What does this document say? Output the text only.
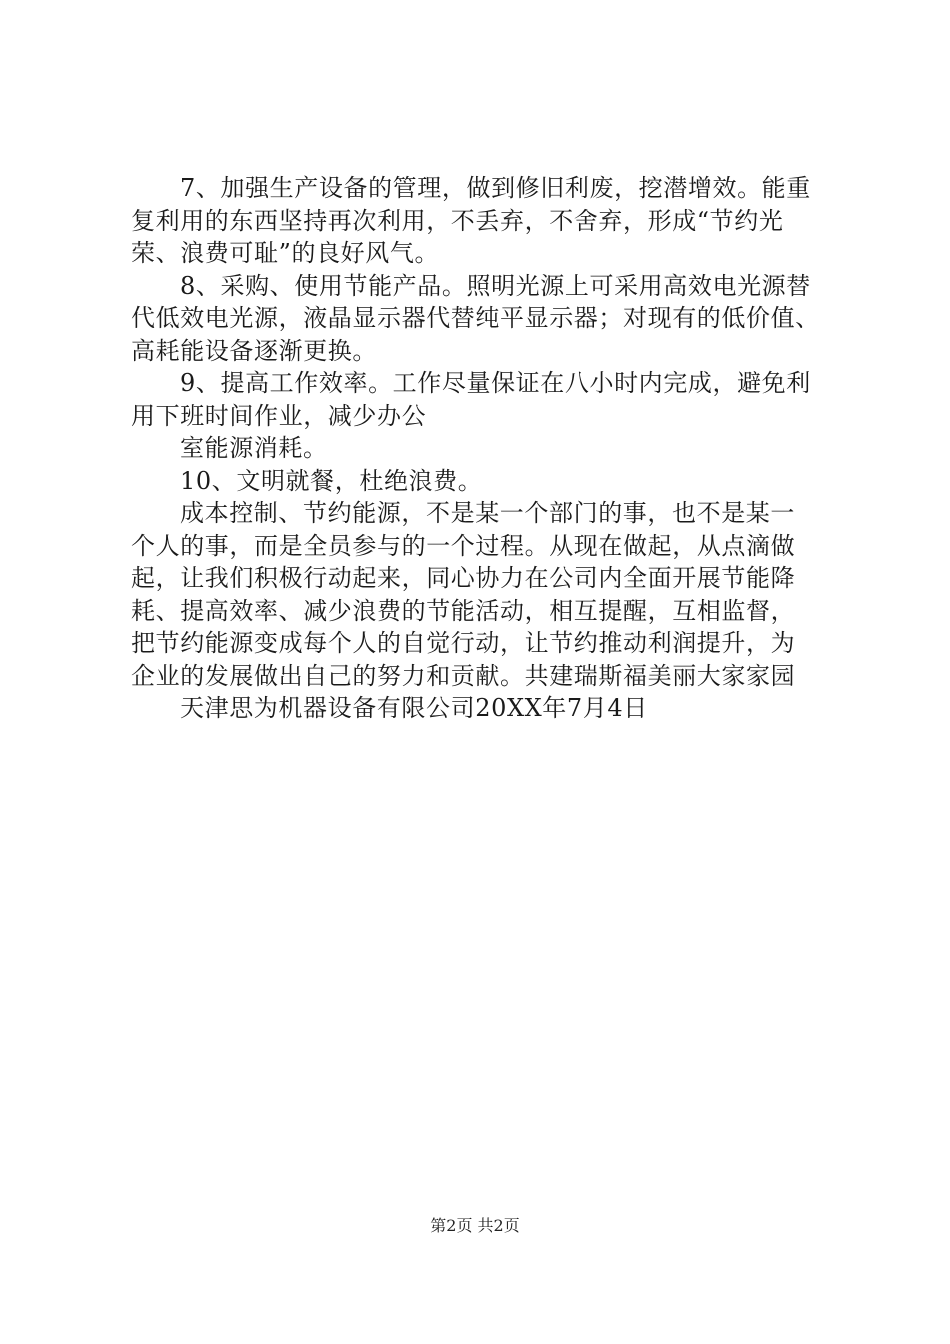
7、加强生产设备的管理，做到修旧利废，挖潜增效。能重
复利用的东西坚持再次利用，不丢弃，不舍弃，形成“节约光
荣、浪费可耻”的良好风气。
8、采购、使用节能产品。照明光源上可采用高效电光源替
代低效电光源，液晶显示器代替纯平显示器；对现有的低价值、
高耗能设备逐渐更换。
9、提高工作效率。工作尽量保证在八小时内完成，避免利
用下班时间作业，减少办公
室能源消耗。
10、文明就餐，杜绝浪费。
成本控制、节约能源，不是某一个部门的事，也不是某一
个人的事，而是全员参与的一个过程。从现在做起，从点滴做
起，让我们积极行动起来，同心协力在公司内全面开展节能降
耗、提高效率、减少浪费的节能活动，相互提醒，互相监督，
把节约能源变成每个人的自觉行动，让节约推动利润提升，为
企业的发展做出自己的努力和贡献。共建瑞斯福美丽大家家园
天津思为机器设备有限公司20XX年7月4日
第2页 共2页
